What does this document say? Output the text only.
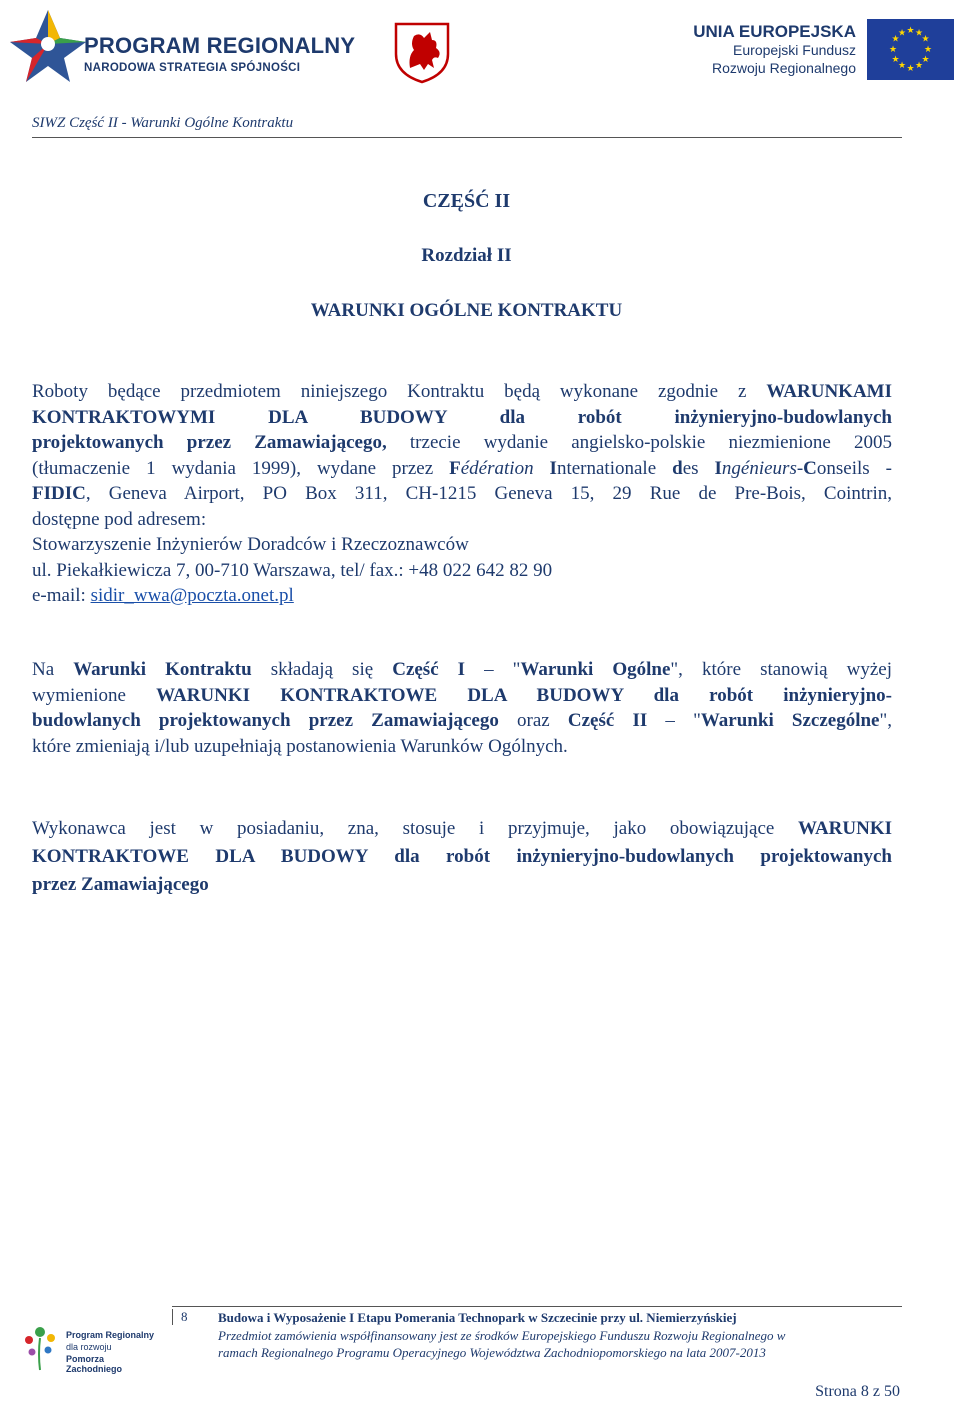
PROGRAM REGIONALNY
NARODOWA STRATEGIA SPÓJNOŚCI
UNIA EUROPEJSKA
Europejski Fundusz
Rozwoju Regionalnego
★ ★
★
★
★
★
★
★
★
★
★
★
SIWZ Część II - Warunki Ogólne Kontraktu
CZĘŚĆ II
Rozdział II
WARUNKI OGÓLNE KONTRAKTU
Roboty będące przedmiotem niniejszego Kontraktu będą wykonane zgodnie z WARUNKAMI
KONTRAKTOWYMI DLA BUDOWY dla robót inżynieryjno-budowlanych
projektowanych przez Zamawiającego, trzecie wydanie angielsko-polskie niezmienione 2005
(tłumaczenie 1 wydania 1999), wydane przez Fédération Internationale des Ingénieurs-Conseils -
FIDIC, Geneva Airport, PO Box 311, CH-1215 Geneva 15, 29 Rue de Pre-Bois, Cointrin,
dostępne pod adresem:
Stowarzyszenie Inżynierów Doradców i Rzeczoznawców
ul. Piekałkiewicza 7, 00-710 Warszawa, tel/ fax.: +48 022 642 82 90
e-mail: sidir_wwa@poczta.onet.pl
Na Warunki Kontraktu składają się Część I – "Warunki Ogólne", które stanowią wyżej
wymienione WARUNKI KONTRAKTOWE DLA BUDOWY dla robót inżynieryjno-
budowlanych projektowanych przez Zamawiającego oraz Część II – "Warunki Szczególne",
które zmieniają i/lub uzupełniają postanowienia Warunków Ogólnych.
Wykonawca jest w posiadaniu, zna, stosuje i przyjmuje, jako obowiązujące WARUNKI
KONTRAKTOWE DLA BUDOWY dla robót inżynieryjno-budowlanych projektowanych
przez Zamawiającego
8 Budowa i Wyposażenie I Etapu Pomerania Technopark w Szczecinie przy ul. Niemierzyńskiej
Przedmiot zamówienia współfinansowany jest ze środków Europejskiego Funduszu Rozwoju Regionalnego w
ramach Regionalnego Programu Operacyjnego Województwa Zachodniopomorskiego na lata 2007-2013
Program Regionalny
dla rozwoju
Pomorza Zachodniego
Strona 8 z 50
